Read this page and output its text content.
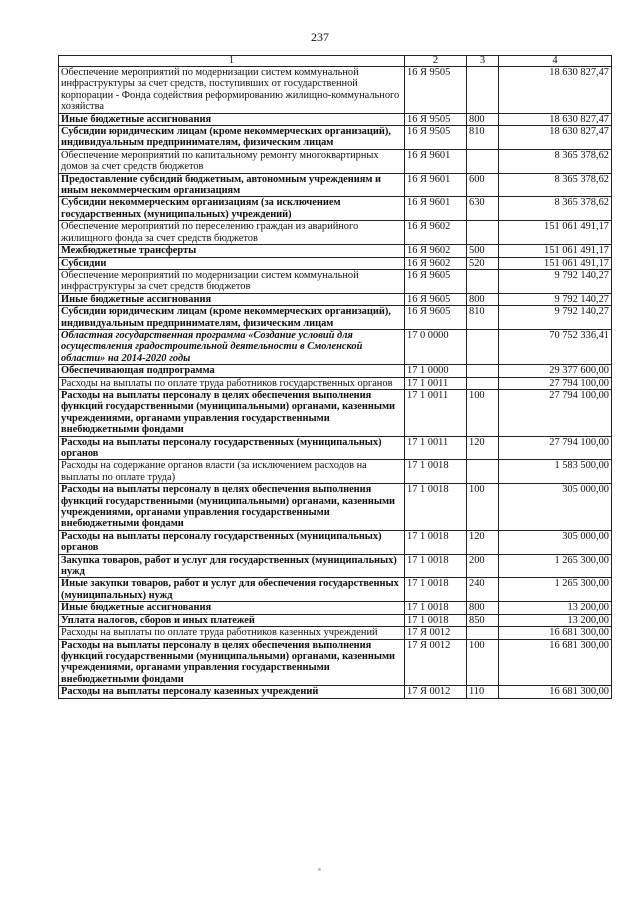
237
1	2	3	4
Обеспечение мероприятий по модернизации систем коммунальной инфраструктуры за счет средств, поступивших от государственной корпорации - Фонда содействия реформированию жилищно-коммунального хозяйства	16 Я 9505		18 630 827,47
Иные бюджетные ассигнования	16 Я 9505	800	18 630 827,47
Субсидии юридическим лицам (кроме некоммерческих организаций), индивидуальным предпринимателям, физическим лицам	16 Я 9505	810	18 630 827,47
Обеспечение мероприятий по капитальному ремонту многоквартирных домов за счет средств бюджетов	16 Я 9601		8 365 378,62
Предоставление субсидий бюджетным, автономным учреждениям и иным некоммерческим организациям	16 Я 9601	600	8 365 378,62
Субсидии некоммерческим организациям (за исключением государственных (муниципальных) учреждений)	16 Я 9601	630	8 365 378,62
Обеспечение мероприятий по переселению граждан из аварийного жилищного фонда за счет средств бюджетов	16 Я 9602		151 061 491,17
Межбюджетные трансферты	16 Я 9602	500	151 061 491,17
Субсидии	16 Я 9602	520	151 061 491,17
Обеспечение мероприятий по модернизации систем коммунальной инфраструктуры за счет средств бюджетов	16 Я 9605		9 792 140,27
Иные бюджетные ассигнования	16 Я 9605	800	9 792 140,27
Субсидии юридическим лицам (кроме некоммерческих организаций), индивидуальным предпринимателям, физическим лицам	16 Я 9605	810	9 792 140,27
Областная государственная программа «Создание условий для осуществления градостроительной деятельности в Смоленской области» на 2014-2020 годы	17 0 0000		70 752 336,41
Обеспечивающая подпрограмма	17 1 0000		29 377 600,00
Расходы на выплаты по оплате труда работников государственных органов	17 1 0011		27 794 100,00
Расходы на выплаты персоналу в целях обеспечения выполнения функций государственными (муниципальными) органами, казенными учреждениями, органами управления государственными внебюджетными фондами	17 1 0011	100	27 794 100,00
Расходы на выплаты персоналу государственных (муниципальных) органов	17 1 0011	120	27 794 100,00
Расходы на содержание органов власти (за исключением расходов на выплаты по оплате труда)	17 1 0018		1 583 500,00
Расходы на выплаты персоналу в целях обеспечения выполнения функций государственными (муниципальными) органами, казенными учреждениями, органами управления государственными внебюджетными фондами	17 1 0018	100	305 000,00
Расходы на выплаты персоналу государственных (муниципальных) органов	17 1 0018	120	305 000,00
Закупка товаров, работ и услуг для государственных (муниципальных) нужд	17 1 0018	200	1 265 300,00
Иные закупки товаров, работ и услуг для обеспечения государственных (муниципальных) нужд	17 1 0018	240	1 265 300,00
Иные бюджетные ассигнования	17 1 0018	800	13 200,00
Уплата налогов, сборов и иных платежей	17 1 0018	850	13 200,00
Расходы на выплаты по оплате труда работников казенных учреждений	17 Я 0012		16 681 300,00
Расходы на выплаты персоналу в целях обеспечения выполнения функций государственными (муниципальными) органами, казенными учреждениями, органами управления государственными внебюджетными фондами	17 Я 0012	100	16 681 300,00
Расходы на выплаты персоналу казенных учреждений	17 Я 0012	110	16 681 300,00
